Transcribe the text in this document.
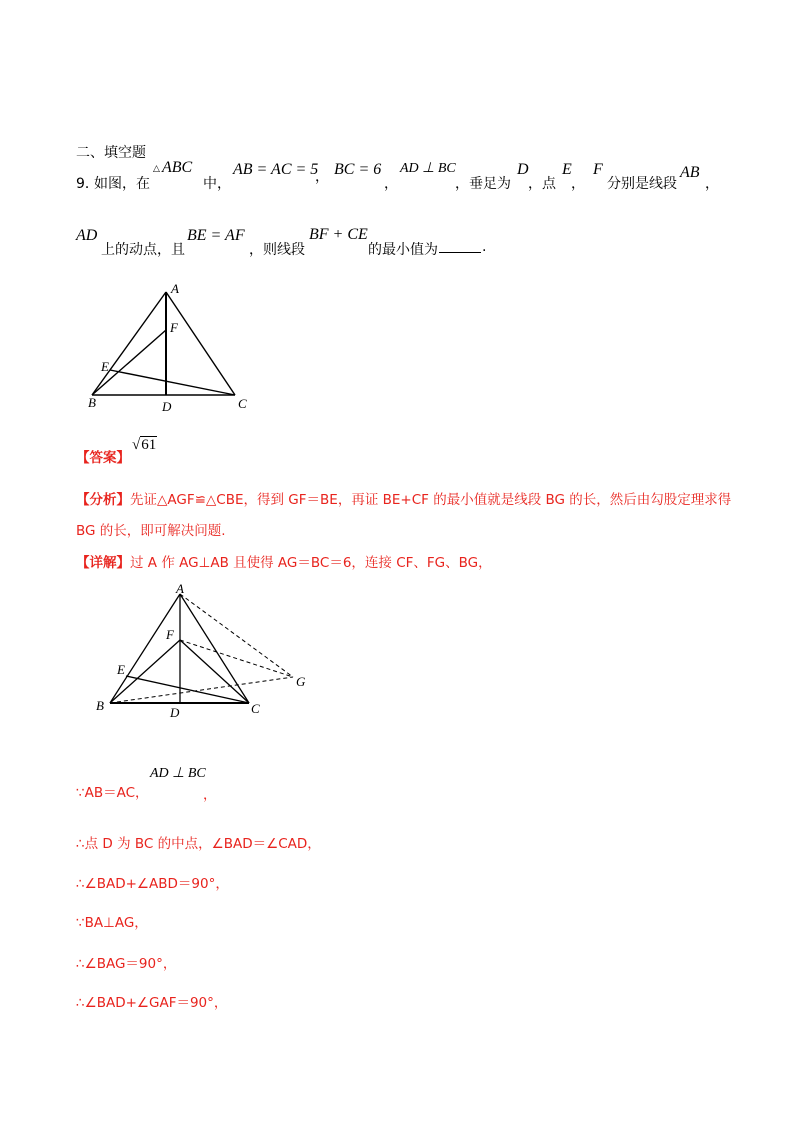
二、填空题
9．
如图，在
△ ABC
中，
AB = AC = 5
， BC = 6
，
AD ⊥ BC
，垂足为
D
，点
E
，
F
分别是线段
AB
，
AD
上的动点，且
BE = AF
，则线段
BF + CE
的最小值为	.
A
F
E
B	D	C
【答案】
√61
【分析】先证△AGF≌△CBE，得到 GF＝BE，再证 BE+CF 的最小值就是线段 BG 的长，然后由勾股定理求得
BG 的长，即可解决问题.
【详解】过 A 作 AG⊥AB 且使得 AG＝BC＝6，连接 CF、FG、BG，
A
F
E
G
B	D	C
∵AB＝AC，
AD ⊥ BC
，
∴点 D 为 BC 的中点，∠BAD＝∠CAD，
∴∠BAD+∠ABD＝90°，
∵BA⊥AG，
∴∠BAG＝90°，
∴∠BAD+∠GAF＝90°，
